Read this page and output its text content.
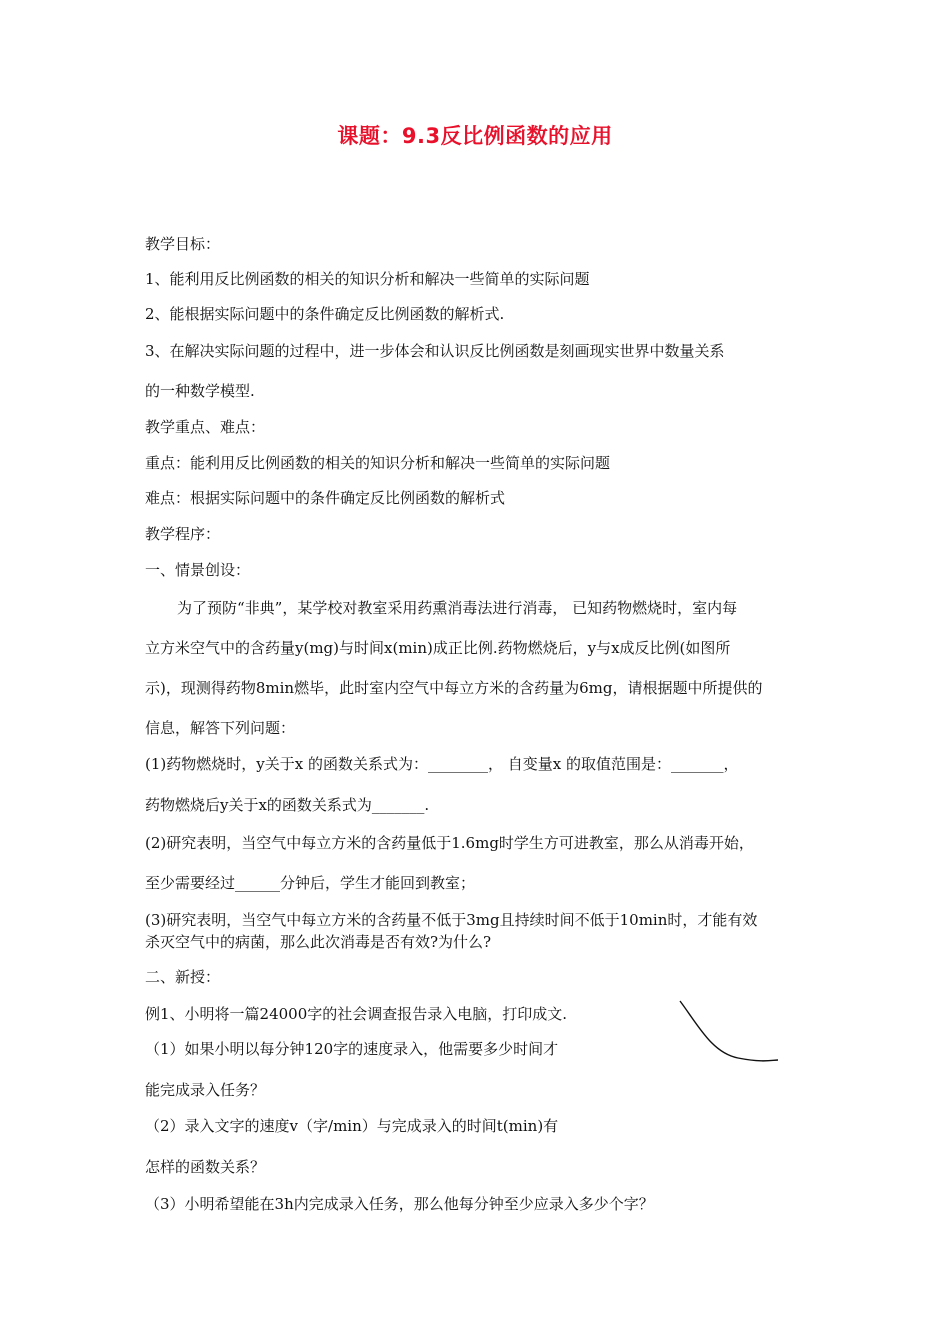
课题：9.3反比例函数的应用
教学目标：
1、能利用反比例函数的相关的知识分析和解决一些简单的实际问题
2、能根据实际问题中的条件确定反比例函数的解析式.
3、在解决实际问题的过程中，进一步体会和认识反比例函数是刻画现实世界中数量关系
的一种数学模型.
教学重点、难点：
重点：能利用反比例函数的相关的知识分析和解决一些简单的实际问题
难点：根据实际问题中的条件确定反比例函数的解析式
教学程序：
一、情景创设：
为了预防“非典”，某学校对教室采用药熏消毒法进行消毒， 已知药物燃烧时，室内每
立方米空气中的含药量y(mg)与时间x(min)成正比例.药物燃烧后，y与x成反比例(如图所
示)，现测得药物8min燃毕，此时室内空气中每立方米的含药量为6mg，请根据题中所提供的
信息，解答下列问题：
(1)药物燃烧时，y关于x 的函数关系式为：________， 自变量x 的取值范围是：_______，
药物燃烧后y关于x的函数关系式为_______.
(2)研究表明，当空气中每立方米的含药量低于1.6mg时学生方可进教室，那么从消毒开始，
至少需要经过______分钟后，学生才能回到教室；
(3)研究表明，当空气中每立方米的含药量不低于3mg且持续时间不低于10min时，才能有效
杀灭空气中的病菌，那么此次消毒是否有效?为什么?
二、新授：
例1、小明将一篇24000字的社会调查报告录入电脑，打印成文.
（1）如果小明以每分钟120字的速度录入，他需要多少时间才
能完成录入任务？
（2）录入文字的速度v（字/min）与完成录入的时间t(min)有
怎样的函数关系？
（3）小明希望能在3h内完成录入任务，那么他每分钟至少应录入多少个字？
